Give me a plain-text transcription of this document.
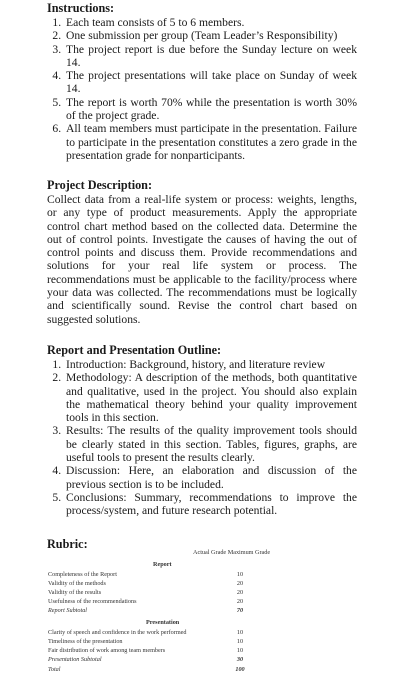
Instructions:
1. Each team consists of 5 to 6 members.
2. One submission per group (Team Leader’s Responsibility)
3. The project report is due before the Sunday lecture on week 14.
4. The project presentations will take place on Sunday of week 14.
5. The report is worth 70% while the presentation is worth 30% of the project grade.
6. All team members must participate in the presentation. Failure to participate in the presentation constitutes a zero grade in the presentation grade for nonparticipants.
Project Description:

Collect data from a real-life system or process: weights, lengths, or any type of product measurements. Apply the appropriate control chart method based on the collected data. Determine the out of control points. Investigate the causes of having the out of control points and discuss them. Provide recommendations and solutions for your real life system or process. The recommendations must be applicable to the facility/process where your data was collected. The recommendations must be logically and scientifically sound. Revise the control chart based on suggested solutions.

Report and Presentation Outline:
1. Introduction: Background, history, and literature review
2. Methodology: A description of the methods, both quantitative and qualitative, used in the project. You should also explain the mathematical theory behind your quality improvement tools in this section.
3. Results: The results of the quality improvement tools should be clearly stated in this section. Tables, figures, graphs, are useful tools to present the results clearly.
4. Discussion: Here, an elaboration and discussion of the previous section is to be included.
5. Conclusions: Summary, recommendations to improve the process/system, and future research potential.
Rubric:
Actual Grade Maximum Grade
Report
Completeness of the Report	10
Validity of the methods	20
Validity of the results	20
Usefulness of the recommendations	20
Report Subtotal	70
Presentation
Clarity of speech and confidence in the work performed	10
Timeliness of the presentation	10
Fair distribution of work among team members	10
Presentation Subtotal	30
Total	100
